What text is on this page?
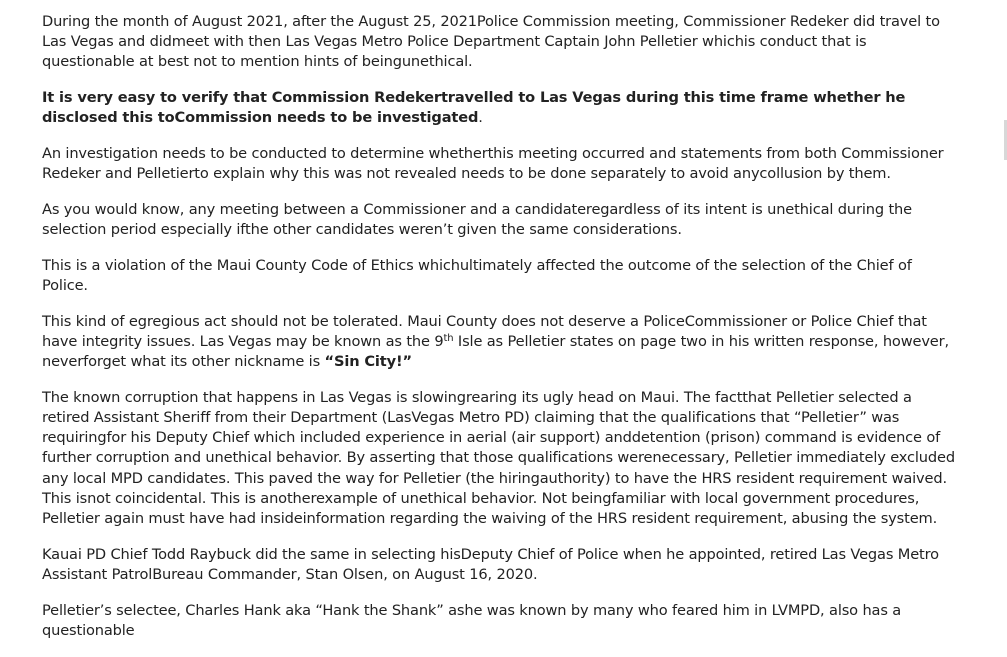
During the month of August 2021, after the August 25, 2021Police Commission meeting, Commissioner Redeker did travel to Las Vegas and didmeet with then Las Vegas Metro Police Department Captain John Pelletier whichis conduct that is questionable at best not to mention hints of beingunethical.

It is very easy to verify that Commission Redekertravelled to Las Vegas during this time frame whether he disclosed this toCommission needs to be investigated.

An investigation needs to be conducted to determine whetherthis meeting occurred and statements from both Commissioner Redeker and Pelletierto explain why this was not revealed needs to be done separately to avoid anycollusion by them.

As you would know, any meeting between a Commissioner and a candidateregardless of its intent is unethical during the selection period especially ifthe other candidates weren’t given the same considerations.

This is a violation of the Maui County Code of Ethics whichultimately affected the outcome of the selection of the Chief of Police.

This kind of egregious act should not be tolerated. Maui County does not deserve a PoliceCommissioner or Police Chief that have integrity issues. Las Vegas may be known as the 9th Isle as Pelletier states on page two in his written response, however, neverforget what its other nickname is “Sin City!”

The known corruption that happens in Las Vegas is slowingrearing its ugly head on Maui. The factthat Pelletier selected a retired Assistant Sheriff from their Department (LasVegas Metro PD) claiming that the qualifications that “Pelletier” was requiringfor his Deputy Chief which included experience in aerial (air support) anddetention (prison) command is evidence of further corruption and unethical behavior. By asserting that those qualifications werenecessary, Pelletier immediately excluded any local MPD candidates. This paved the way for Pelletier (the hiringauthority) to have the HRS resident requirement waived. This isnot coincidental. This is anotherexample of unethical behavior. Not beingfamiliar with local government procedures, Pelletier again must have had insideinformation regarding the waiving of the HRS resident requirement, abusing the system.

Kauai PD Chief Todd Raybuck did the same in selecting hisDeputy Chief of Police when he appointed, retired Las Vegas Metro Assistant PatrolBureau Commander, Stan Olsen, on August 16, 2020.

Pelletier’s selectee, Charles Hank aka “Hank the Shank” ashe was known by many who feared him in LVMPD, also has a questionable
